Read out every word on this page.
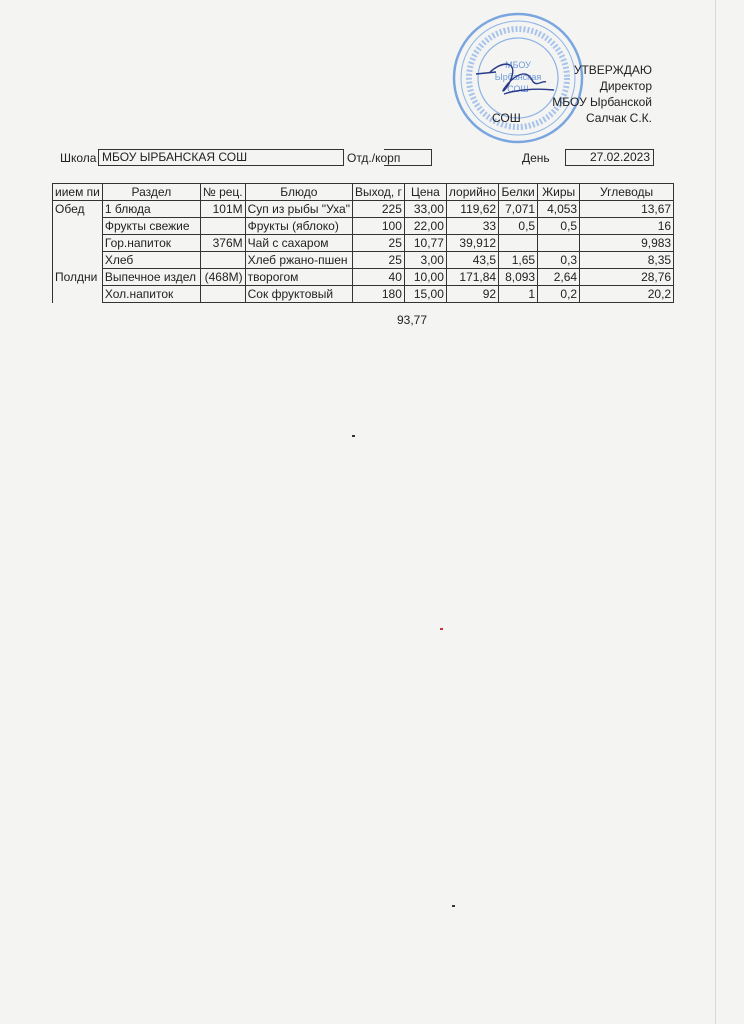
МБОУ
Ырбанская
СОШ
УТВЕРЖДАЮ
Директор
МБОУ Ырбанской
СОШ	Салчак С.К.
Школа МБОУ ЫРБАНСКАЯ СОШ	Отд./корп	День	27.02.2023
иием пи	Раздел	№ рец.	Блюдо	Выход, г	Цена	лорийно	Белки	Жиры	Углеводы
Обед	1 блюда	101М	Суп из рыбы "Уха"	225	33,00	119,62	7,071	4,053	13,67
	Фрукты свежие		Фрукты (яблоко)	100	22,00	33	0,5	0,5	16
	Гор.напиток	376М	Чай с сахаром	25	10,77	39,912			9,983
	Хлеб		Хлеб ржано-пшен	25	3,00	43,5	1,65	0,3	8,35
Полдни	Выпечное издел	(468М)	творогом	40	10,00	171,84	8,093	2,64	28,76
	Хол.напиток		Сок фруктовый	180	15,00	92	1	0,2	20,2
93,77
